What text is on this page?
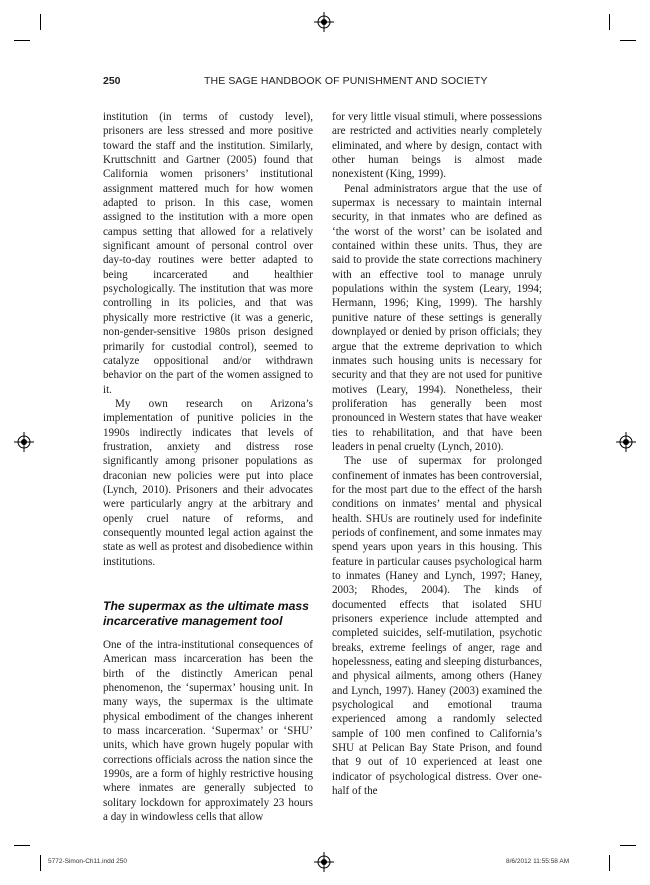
250	THE SAGE HANDBOOK OF PUNISHMENT AND SOCIETY

institution (in terms of custody level), prisoners are less stressed and more positive toward the staff and the institution. Similarly, Kruttschnitt and Gartner (2005) found that California women prisoners’ institutional assignment mattered much for how women adapted to prison. In this case, women assigned to the institution with a more open campus setting that allowed for a relatively significant amount of personal control over day-to-day routines were better adapted to being incarcerated and healthier psychologically. The institution that was more controlling in its policies, and that was physically more restrictive (it was a generic, non-gender-sensitive 1980s prison designed primarily for custodial control), seemed to catalyze oppositional and/or withdrawn behavior on the part of the women assigned to it.

My own research on Arizona’s implementation of punitive policies in the 1990s indirectly indicates that levels of frustration, anxiety and distress rose significantly among prisoner populations as draconian new policies were put into place (Lynch, 2010). Prisoners and their advocates were particularly angry at the arbitrary and openly cruel nature of reforms, and consequently mounted legal action against the state as well as protest and disobedience within institutions.

The supermax as the ultimate mass incarcerative management tool

One of the intra-institutional consequences of American mass incarceration has been the birth of the distinctly American penal phenomenon, the ‘supermax’ housing unit. In many ways, the supermax is the ultimate physical embodiment of the changes inherent to mass incarceration. ‘Supermax’ or ‘SHU’ units, which have grown hugely popular with corrections officials across the nation since the 1990s, are a form of highly restrictive housing where inmates are generally subjected to solitary lockdown for approximately 23 hours a day in windowless cells that allow

for very little visual stimuli, where possessions are restricted and activities nearly completely eliminated, and where by design, contact with other human beings is almost made nonexistent (King, 1999).

Penal administrators argue that the use of supermax is necessary to maintain internal security, in that inmates who are defined as ‘the worst of the worst’ can be isolated and contained within these units. Thus, they are said to provide the state corrections machinery with an effective tool to manage unruly populations within the system (Leary, 1994; Hermann, 1996; King, 1999). The harshly punitive nature of these settings is generally downplayed or denied by prison officials; they argue that the extreme deprivation to which inmates such housing units is necessary for security and that they are not used for punitive motives (Leary, 1994). Nonetheless, their proliferation has generally been most pronounced in Western states that have weaker ties to rehabilitation, and that have been leaders in penal cruelty (Lynch, 2010).

The use of supermax for prolonged confinement of inmates has been controversial, for the most part due to the effect of the harsh conditions on inmates’ mental and physical health. SHUs are routinely used for indefinite periods of confinement, and some inmates may spend years upon years in this housing. This feature in particular causes psychological harm to inmates (Haney and Lynch, 1997; Haney, 2003; Rhodes, 2004). The kinds of documented effects that isolated SHU prisoners experience include attempted and completed suicides, self-mutilation, psychotic breaks, extreme feelings of anger, rage and hopelessness, eating and sleeping disturbances, and physical ailments, among others (Haney and Lynch, 1997). Haney (2003) examined the psychological and emotional trauma experienced among a randomly selected sample of 100 men confined to California’s SHU at Pelican Bay State Prison, and found that 9 out of 10 experienced at least one indicator of psychological distress. Over one-half of the

5772-Simon-Ch11.indd 250	8/6/2012 11:55:58 AM
